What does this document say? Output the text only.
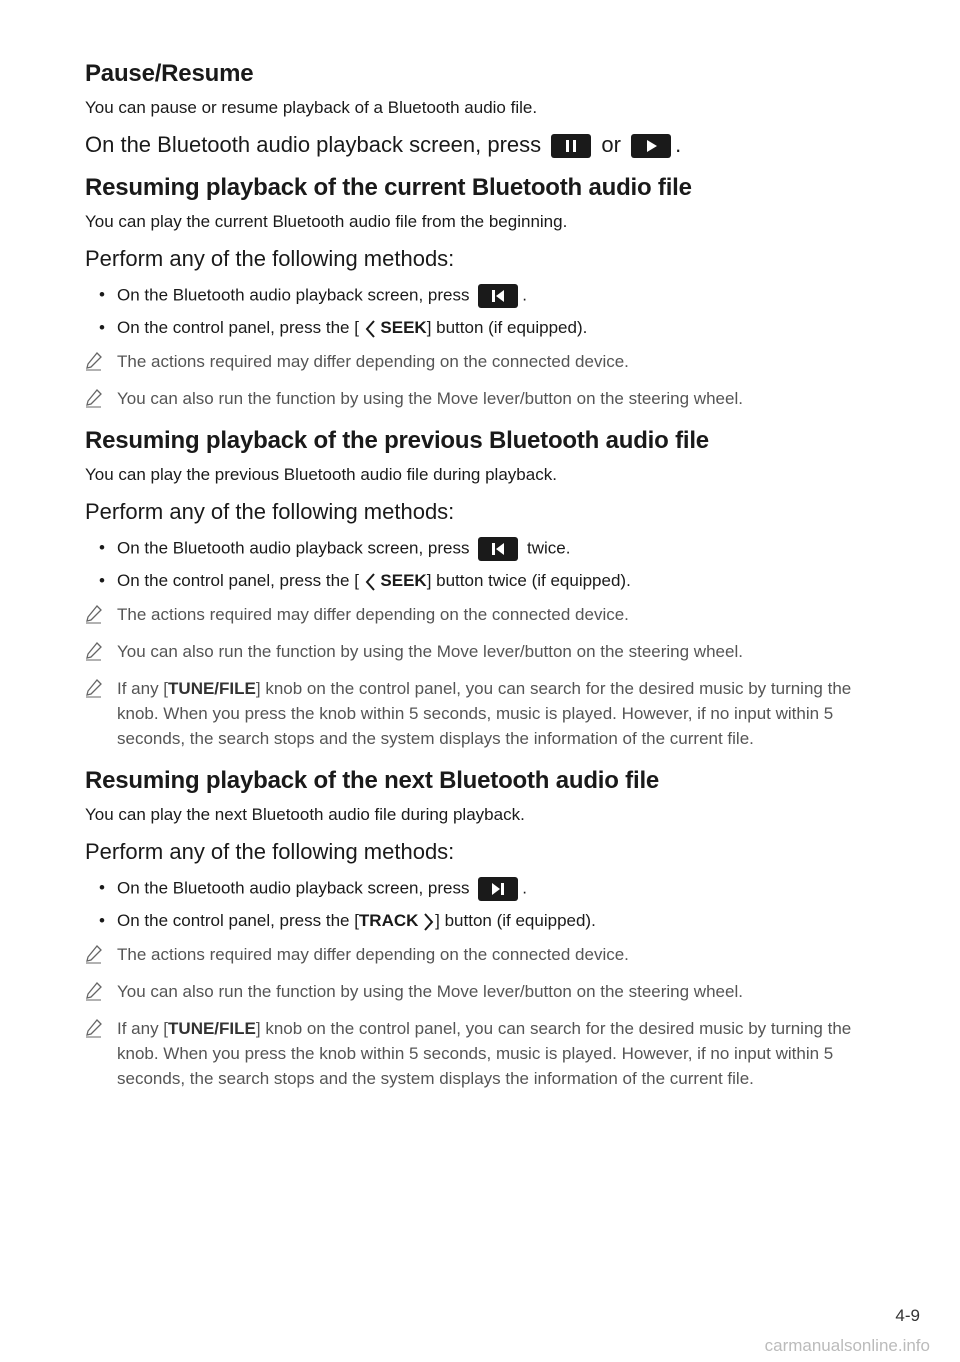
Pause/Resume

You can pause or resume playback of a Bluetooth audio file.

On the Bluetooth audio playback screen, press	or .

Resuming playback of the current Bluetooth audio file

You can play the current Bluetooth audio file from the beginning.

Perform any of the following methods:

• On the Bluetooth audio playback screen, press	.
• On the control panel, press the [ SEEK] button (if equipped).
The actions required may differ depending on the connected device.
You can also run the function by using the Move lever/button on the steering wheel.
Resuming playback of the previous Bluetooth audio file

You can play the previous Bluetooth audio file during playback.

Perform any of the following methods:

• On the Bluetooth audio playback screen, press	twice.
• On the control panel, press the [ SEEK] button twice (if equipped).
The actions required may differ depending on the connected device.
You can also run the function by using the Move lever/button on the steering wheel.
If any [TUNE/FILE] knob on the control panel, you can search for the desired music by turning the knob. When you press the knob within 5 seconds, music is played. However, if no input within 5 seconds, the search stops and the system displays the information of the current file.
Resuming playback of the next Bluetooth audio file

You can play the next Bluetooth audio file during playback.

Perform any of the following methods:

• On the Bluetooth audio playback screen, press	.
• On the control panel, press the [TRACK ] button (if equipped).
The actions required may differ depending on the connected device.
You can also run the function by using the Move lever/button on the steering wheel.
If any [TUNE/FILE] knob on the control panel, you can search for the desired music by turning the knob. When you press the knob within 5 seconds, music is played. However, if no input within 5 seconds, the search stops and the system displays the information of the current file.
4-9
carmanualsonline.info
